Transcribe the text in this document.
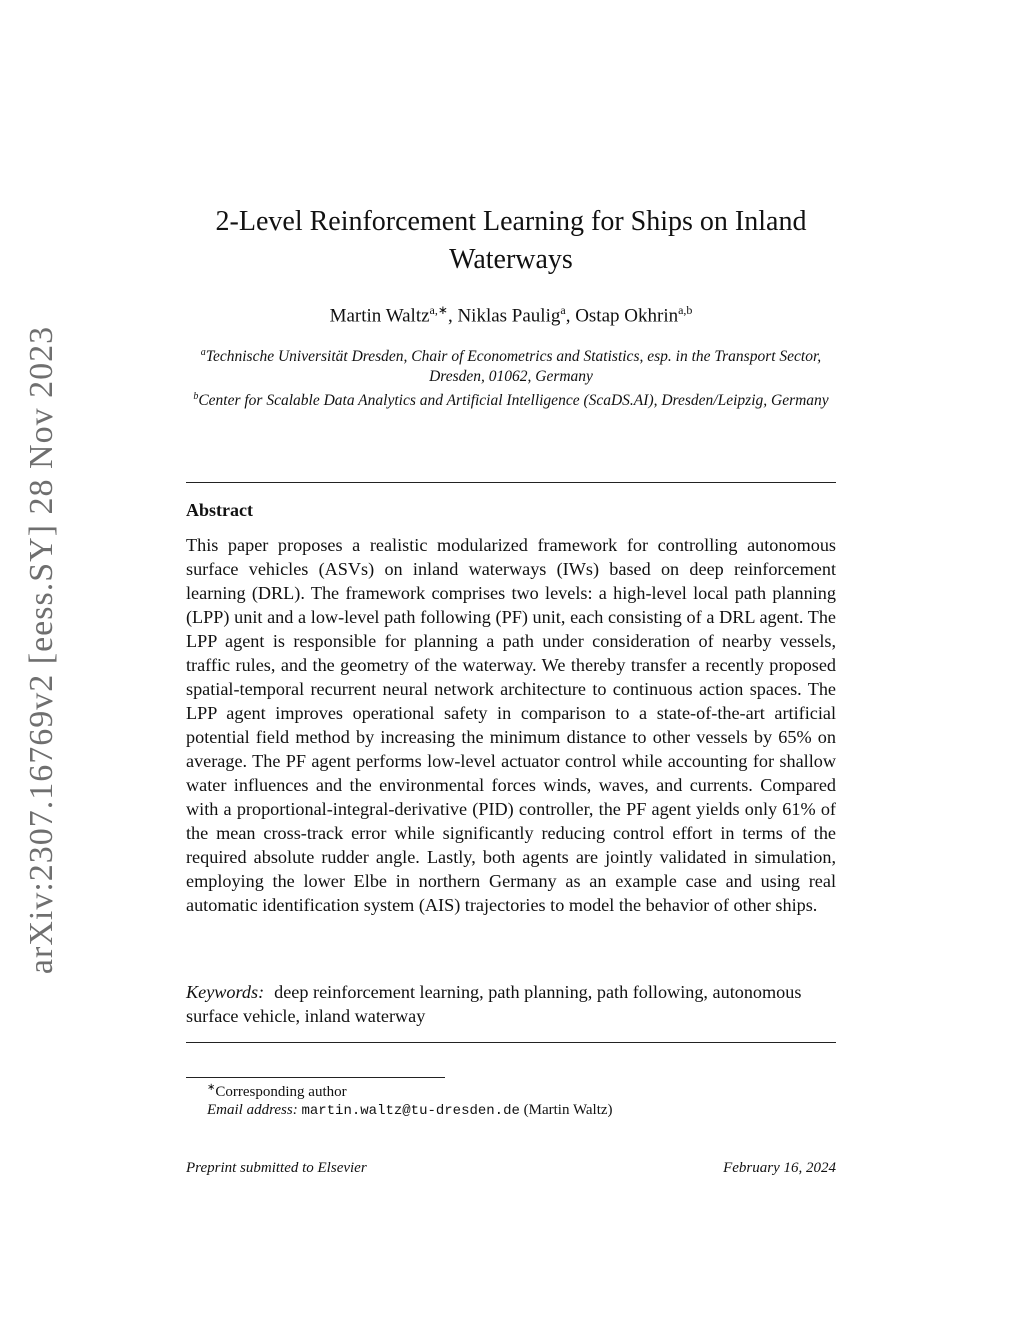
arXiv:2307.16769v2 [eess.SY] 28 Nov 2023
2-Level Reinforcement Learning for Ships on Inland Waterways
Martin Waltz$^{a,∗}$, Niklas Paulig$^a$, Ostap Okhrin$^{a,b}$
$^a$Technische Universität Dresden, Chair of Econometrics and Statistics, esp. in the Transport Sector, Dresden, 01062, Germany
$^b$Center for Scalable Data Analytics and Artificial Intelligence (ScaDS.AI), Dresden/Leipzig, Germany
Abstract

This paper proposes a realistic modularized framework for controlling autonomous surface vehicles (ASVs) on inland waterways (IWs) based on deep reinforcement learning (DRL). The framework comprises two levels: a high-level local path planning (LPP) unit and a low-level path following (PF) unit, each consisting of a DRL agent. The LPP agent is responsible for planning a path under consideration of nearby vessels, traffic rules, and the geometry of the waterway. We thereby transfer a recently proposed spatial-temporal recurrent neural network architecture to continuous action spaces. The LPP agent improves operational safety in comparison to a state-of-the-art artificial potential field method by increasing the minimum distance to other vessels by 65% on average. The PF agent performs low-level actuator control while accounting for shallow water influences and the environmental forces winds, waves, and currents. Compared with a proportional-integral-derivative (PID) controller, the PF agent yields only 61% of the mean cross-track error while significantly reducing control effort in terms of the required absolute rudder angle. Lastly, both agents are jointly validated in simulation, employing the lower Elbe in northern Germany as an example case and using real automatic identification system (AIS) trajectories to model the behavior of other ships.

Keywords: deep reinforcement learning, path planning, path following, autonomous surface vehicle, inland waterway
∗Corresponding author
Email address: martin.waltz@tu-dresden.de (Martin Waltz)
Preprint submitted to Elsevier	February 16, 2024
